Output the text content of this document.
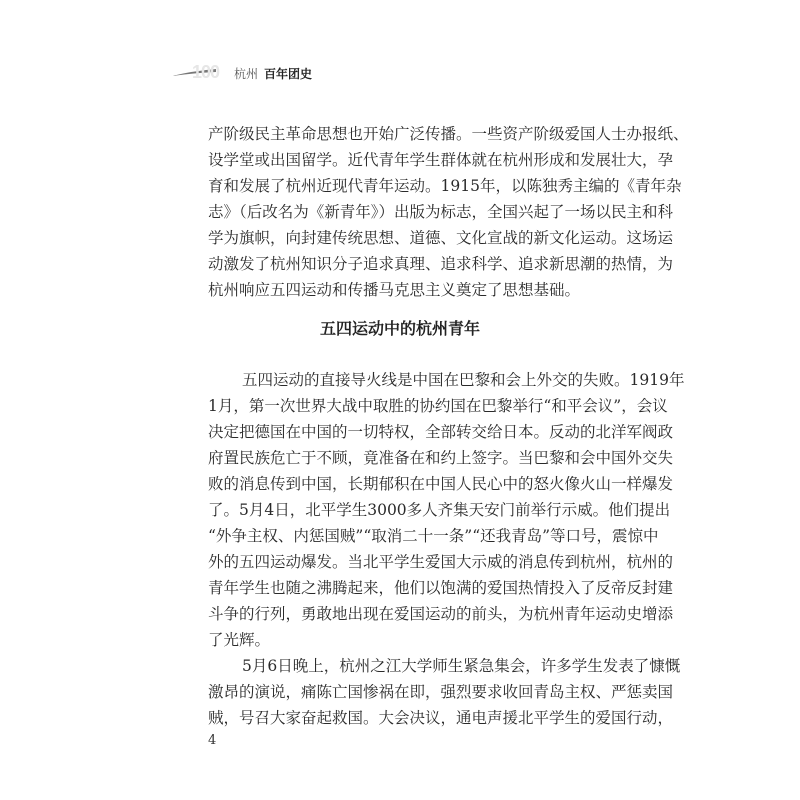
100 杭州 百年团史
产阶级民主革命思想也开始广泛传播。一些资产阶级爱国人士办报纸、
设学堂或出国留学。近代青年学生群体就在杭州形成和发展壮大，孕
育和发展了杭州近现代青年运动。1915年，以陈独秀主编的《青年杂
志》（后改名为《新青年》）出版为标志，全国兴起了一场以民主和科
学为旗帜，向封建传统思想、道德、文化宣战的新文化运动。这场运
动激发了杭州知识分子追求真理、追求科学、追求新思潮的热情，为
杭州响应五四运动和传播马克思主义奠定了思想基础。
五四运动中的杭州青年
五四运动的直接导火线是中国在巴黎和会上外交的失败。1919年
1月，第一次世界大战中取胜的协约国在巴黎举行“和平会议”，会议
决定把德国在中国的一切特权，全部转交给日本。反动的北洋军阀政
府置民族危亡于不顾，竟准备在和约上签字。当巴黎和会中国外交失
败的消息传到中国，长期郁积在中国人民心中的怒火像火山一样爆发
了。5月4日，北平学生3000多人齐集天安门前举行示威。他们提出
“外争主权、内惩国贼”“取消二十一条”“还我青岛”等口号，震惊中
外的五四运动爆发。当北平学生爱国大示威的消息传到杭州，杭州的
青年学生也随之沸腾起来，他们以饱满的爱国热情投入了反帝反封建
斗争的行列，勇敢地出现在爱国运动的前头，为杭州青年运动史增添
了光辉。
5月6日晚上，杭州之江大学师生紧急集会，许多学生发表了慷慨
激昂的演说，痛陈亡国惨祸在即，强烈要求收回青岛主权、严惩卖国
贼，号召大家奋起救国。大会决议，通电声援北平学生的爱国行动，
4
